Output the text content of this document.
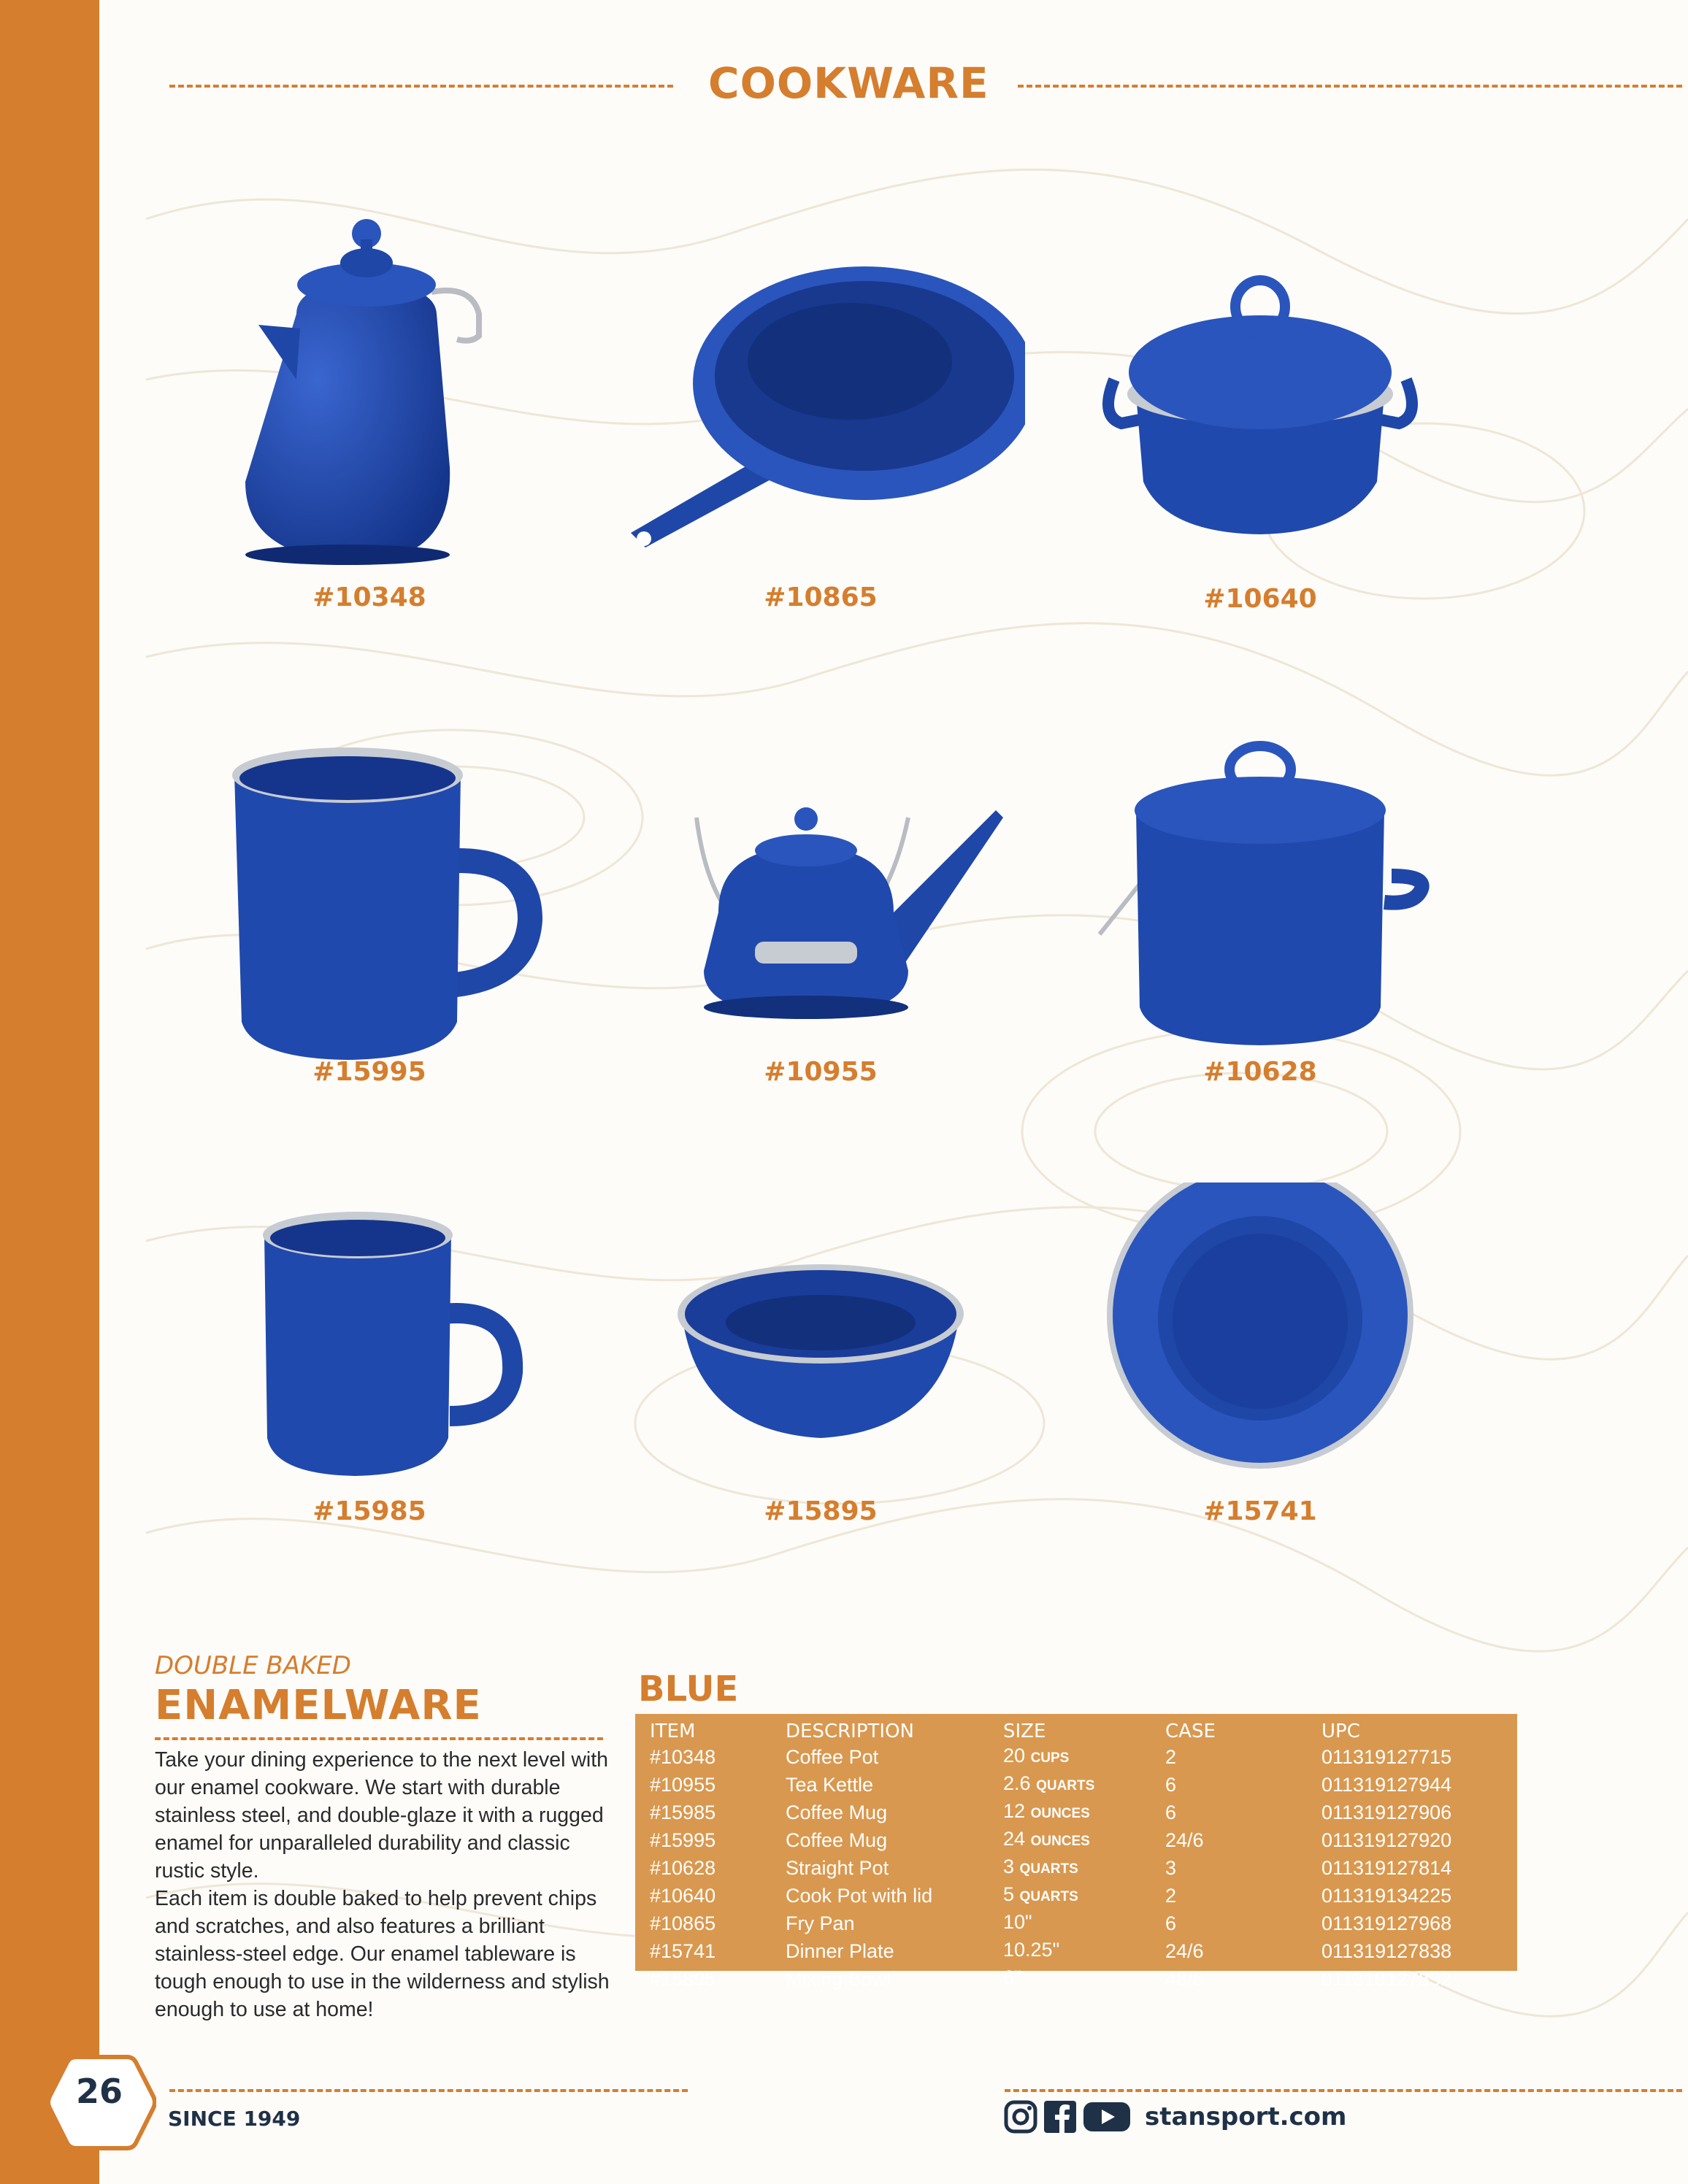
COOKWARE
#10348	#10865	#10640
#15995	#10955	#10628
#15985	#15895	#15741
DOUBLE BAKED
ENAMELWARE

Take your dining experience to the next level with our enamel cookware. We start with durable stainless steel, and double-glaze it with a rugged enamel for unparalleled durability and classic rustic style.

Each item is double baked to help prevent chips and scratches, and also features a brilliant stainless-steel edge. Our enamel tableware is tough enough to use in the wilderness and stylish enough to use at home!

BLUE
ITEM	DESCRIPTION	SIZE	CASE	UPC
#10348	Coffee Pot	20 CUPS	2	011319127715
#10955	Tea Kettle	2.6 QUARTS	6	011319127944
#15985	Coffee Mug	12 OUNCES	6	011319127906
#15995	Coffee Mug	24 OUNCES	24/6	011319127920
#10628	Straight Pot	3 QUARTS	3	011319127814
#10640	Cook Pot with lid	5 QUARTS	2	011319134225
#10865	Fry Pan	10"	6	011319127968
#15741	Dinner Plate	10.25"	24/6	011319127838
#15895	Mixing Bowl	6"	48/6	011319127852
26
SINCE 1949	stansport.com
